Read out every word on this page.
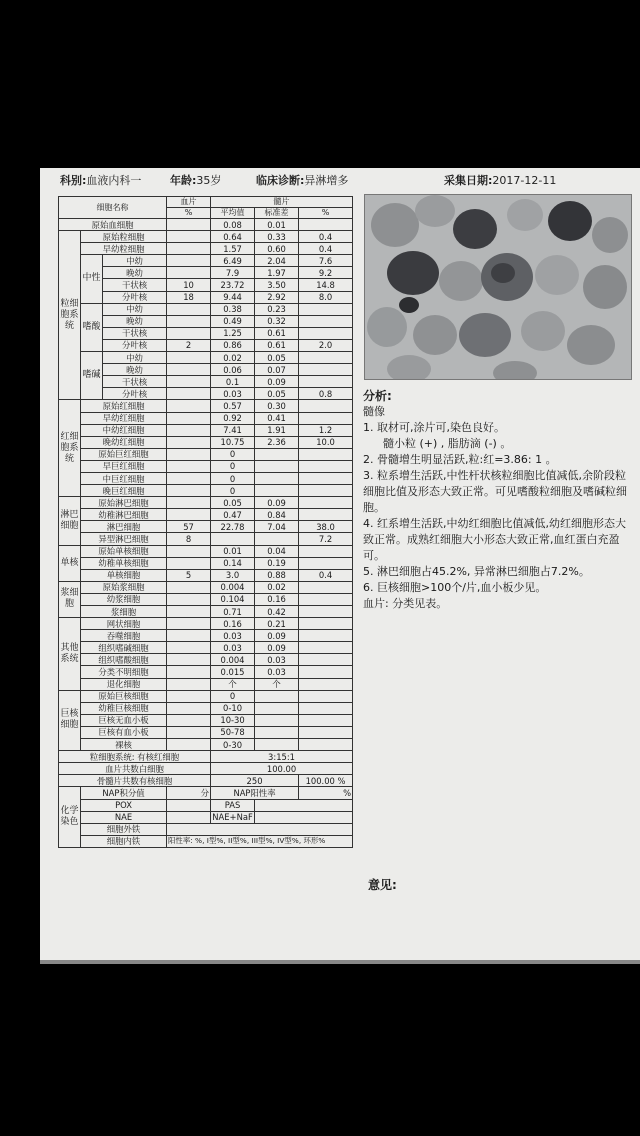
科别:血液内科一	年龄:35岁	临床诊断:异淋增多	采集日期:2017-12-11
细胞名称			血片	髓片		
			%	平均值	标准差	%
原始血细胞				0.08	0.01	
粒细胞系统	原始粒细胞			0.64	0.33	0.4
	早幼粒细胞			1.57	0.60	0.4
	中性	中幼		6.49	2.04	7.6
		晚幼		7.9	1.97	9.2
		干状核	10	23.72	3.50	14.8
		分叶核	18	9.44	2.92	8.0
	嗜酸	中幼		0.38	0.23	
		晚幼		0.49	0.32	
		干状核		1.25	0.61	
		分叶核	2	0.86	0.61	2.0
	嗜碱	中幼		0.02	0.05	
		晚幼		0.06	0.07	
		干状核		0.1	0.09	
		分叶核		0.03	0.05	0.8
红细胞系统	原始红细胞			0.57	0.30	
	早幼红细胞			0.92	0.41	
	中幼红细胞			7.41	1.91	1.2
	晚幼红细胞			10.75	2.36	10.0
	原始巨红细胞			0		
	早巨红细胞			0		
	中巨红细胞			0		
	晚巨红细胞			0		
淋巴细胞	原始淋巴细胞			0.05	0.09	
	幼稚淋巴细胞			0.47	0.84	
	淋巴细胞		57	22.78	7.04	38.0
	异型淋巴细胞		8			7.2
单核	原始单核细胞			0.01	0.04	
	幼稚单核细胞			0.14	0.19	
	单核细胞		5	3.0	0.88	0.4
浆细胞	原始浆细胞			0.004	0.02	
	幼浆细胞			0.104	0.16	
	浆细胞			0.71	0.42	
其他系统	网状细胞			0.16	0.21	
	吞噬细胞			0.03	0.09	
	组织嗜碱细胞			0.03	0.09	
	组织嗜酸细胞			0.004	0.03	
	分类不明细胞			0.015	0.03	
	退化细胞			个	个	
巨核细胞	原始巨核细胞			0		
	幼稚巨核细胞			0-10		
	巨核无血小板			10-30		
	巨核有血小板			50-78		
	裸核			0-30		
粒细胞系统: 有核红细胞				3:15:1		
血片共数白细胞				100.00		
骨髓片共数有核细胞				250		100.00 %
化学染色	NAP积分值		分	NAP阳性率		%
	POX			PAS		
	NAE			NAE+NaF		
	细胞外铁					
	细胞内铁		阳性率: %, I型%, II型%, III型%, IV型%, 环形%			
分析:
髓像
1. 取材可,涂片可,染色良好。
髓小粒 (+) , 脂肪滴 (-) 。
2. 骨髓增生明显活跃,粒:红=3.86: 1 。
3. 粒系增生活跃,中性杆状核粒细胞比值减低,余阶段粒细胞比值及形态大致正常。可见嗜酸粒细胞及嗜碱粒细胞。
4. 红系增生活跃,中幼红细胞比值减低,幼红细胞形态大致正常。成熟红细胞大小形态大致正常,血红蛋白充盈可。
5. 淋巴细胞占45.2%, 异常淋巴细胞占7.2%。
6. 巨核细胞>100个/片,血小板少见。
血片: 分类见表。
意见:
